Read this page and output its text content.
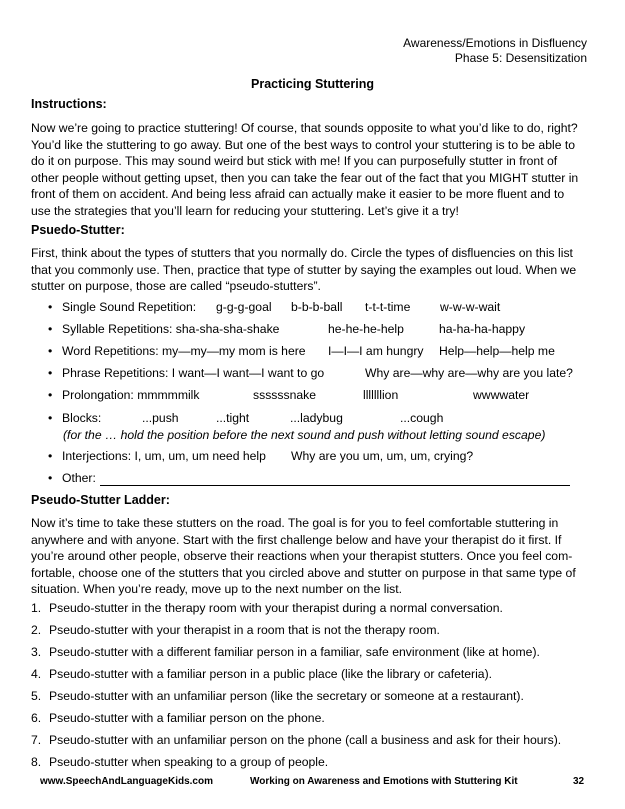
Awareness/Emotions in Disfluency
Phase 5: Desensitization
Practicing Stuttering
Instructions:
Now we’re going to practice stuttering! Of course, that sounds opposite to what you’d like to do, right?
You’d like the stuttering to go away. But one of the best ways to control your stuttering is to be able to
do it on purpose. This may sound weird but stick with me! If you can purposefully stutter in front of
other people without getting upset, then you can take the fear out of the fact that you MIGHT stutter in
front of them on accident. And being less afraid can actually make it easier to be more fluent and to
use the strategies that you’ll learn for reducing your stuttering. Let’s give it a try!
Psuedo-Stutter:
First, think about the types of stutters that you normally do. Circle the types of disfluencies on this list
that you commonly use. Then, practice that type of stutter by saying the examples out loud. When we
stutter on purpose, those are called “pseudo-stutters”.
• Single Sound Repetition: g-g-g-goal b-b-b-ball t-t-t-time w-w-w-wait
• Syllable Repetitions: sha-sha-sha-shake	he-he-he-help	ha-ha-ha-happy
• Word Repetitions: my—my—my mom is here I—I—I am hungry Help—help—help me
• Phrase Repetitions: I want—I want—I want to go	Why are—why are—why are you late?
• Prolongation: mmmmmilk	ssssssnake	lllllllion	wwwwater
• Blocks:	...push	...tight	...ladybug	...cough
(for the … hold the position before the next sound and push without letting sound escape)
• Interjections: I, um, um, um need help Why are you um, um, um, crying?
• Other:
Pseudo-Stutter Ladder:
Now it’s time to take these stutters on the road. The goal is for you to feel comfortable stuttering in
anywhere and with anyone. Start with the first challenge below and have your therapist do it first. If
you’re around other people, observe their reactions when your therapist stutters. Once you feel com-
fortable, choose one of the stutters that you circled above and stutter on purpose in that same type of
situation. When you’re ready, move up to the next number on the list.
1. Pseudo-stutter in the therapy room with your therapist during a normal conversation.
2. Pseudo-stutter with your therapist in a room that is not the therapy room.
3. Pseudo-stutter with a different familiar person in a familiar, safe environment (like at home).
4. Pseudo-stutter with a familiar person in a public place (like the library or cafeteria).
5. Pseudo-stutter with an unfamiliar person (like the secretary or someone at a restaurant).
6. Pseudo-stutter with a familiar person on the phone.
7. Pseudo-stutter with an unfamiliar person on the phone (call a business and ask for their hours).
8. Pseudo-stutter when speaking to a group of people.
www.SpeechAndLanguageKids.com	Working on Awareness and Emotions with Stuttering Kit	32
